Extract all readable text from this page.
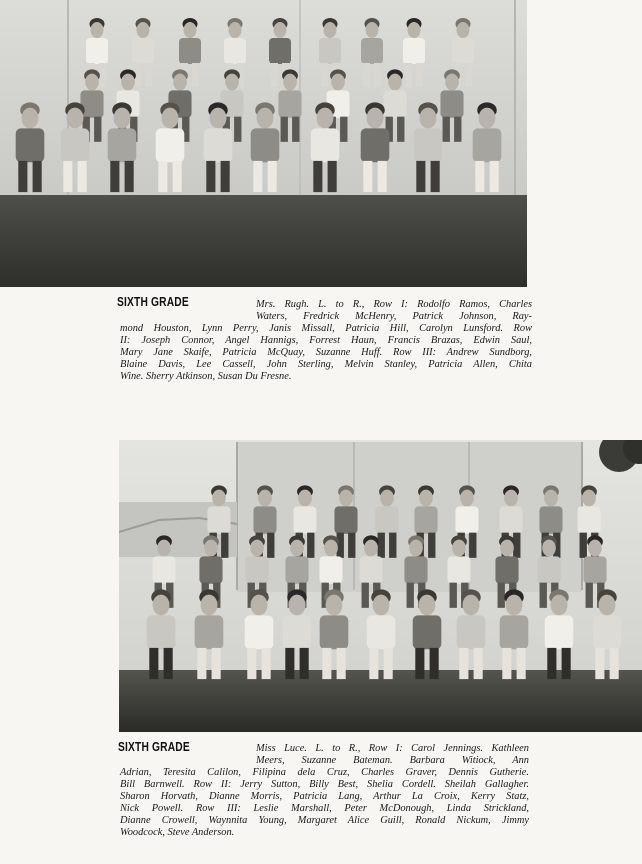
SIXTH GRADE	Mrs. Rugh. L. to R., Row I: Rodolfo Ramos, Charles
Waters, Fredrick McHenry, Patrick Johnson, Ray-
mond Houston, Lynn Perry, Janis Missall, Patricia Hill, Carolyn Lunsford. Row
II: Joseph Connor, Angel Hannigs, Forrest Haun, Francis Brazas, Edwin Saul,
Mary Jane Skaife, Patricia McQuay, Suzanne Huff. Row III: Andrew Sundborg,
Blaine Davis, Lee Cassell, John Sterling, Melvin Stanley, Patricia Allen, Chita
Wine. Sherry Atkinson, Susan Du Fresne.
SIXTH GRADE	Miss Luce. L. to R., Row I: Carol Jennings. Kathleen
Meers, Suzanne Bateman. Barbara Witiock, Ann
Adrian, Teresita Calilon, Filipina dela Cruz, Charles Graver, Dennis Gutherie.
Bill Barnwell. Row II: Jerry Sutton, Billy Best, Shelia Cordell. Sheilah Gallagher.
Sharon Horvath, Dianne Morris, Patricia Lang, Arthur La Croix, Kerry Statz,
Nick Powell. Row III: Leslie Marshall, Peter McDonough, Linda Strickland,
Dianne Crowell, Waynnita Young, Margaret Alice Guill, Ronald Nickum, Jimmy
Woodcock, Steve Anderson.
